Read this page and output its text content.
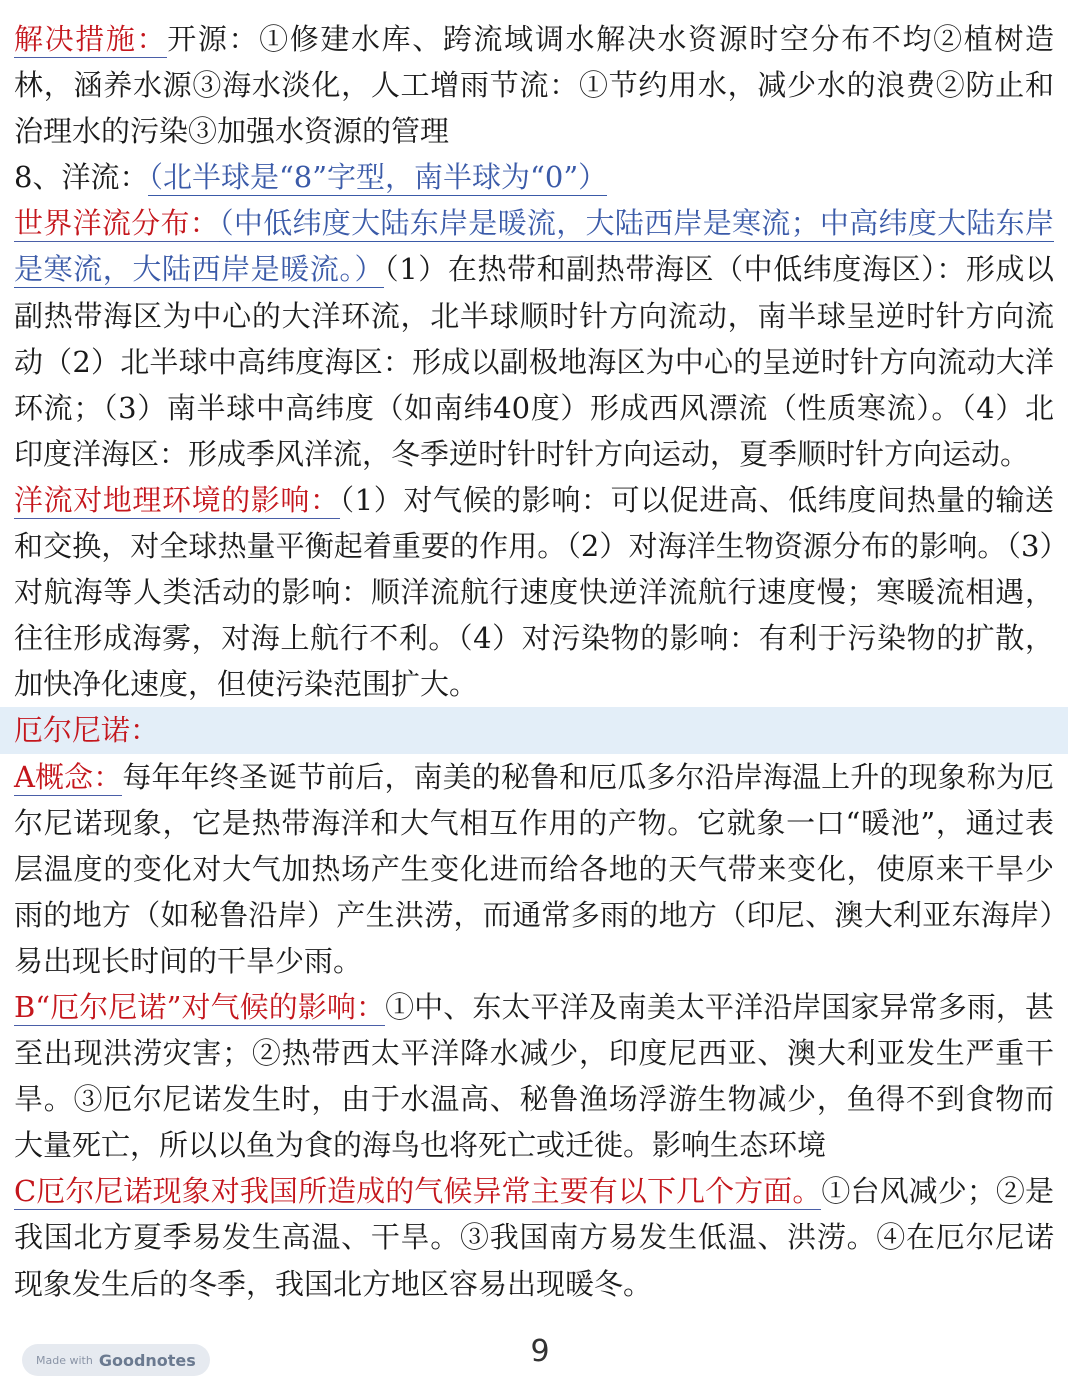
解决措施：开源：①修建水库、跨流域调水解决水资源时空分布不均②植树造林，涵养水源③海水淡化，人工增雨节流：①节约用水，减少水的浪费②防止和治理水的污染③加强水资源的管理

8、洋流：（北半球是“8”字型，南半球为“0”）

世界洋流分布：（中低纬度大陆东岸是暖流，大陆西岸是寒流；中高纬度大陆东岸是寒流，大陆西岸是暖流。）（1）在热带和副热带海区（中低纬度海区）：形成以副热带海区为中心的大洋环流，北半球顺时针方向流动，南半球呈逆时针方向流动（2）北半球中高纬度海区：形成以副极地海区为中心的呈逆时针方向流动大洋环流；（3）南半球中高纬度（如南纬40度）形成西风漂流（性质寒流）。（4）北印度洋海区：形成季风洋流，冬季逆时针时针方向运动，夏季顺时针方向运动。

洋流对地理环境的影响：（1）对气候的影响：可以促进高、低纬度间热量的输送和交换，对全球热量平衡起着重要的作用。（2）对海洋生物资源分布的影响。（3）对航海等人类活动的影响：顺洋流航行速度快逆洋流航行速度慢；寒暖流相遇，往往形成海雾，对海上航行不利。（4）对污染物的影响：有利于污染物的扩散，加快净化速度，但使污染范围扩大。

厄尔尼诺：

A概念：每年年终圣诞节前后，南美的秘鲁和厄瓜多尔沿岸海温上升的现象称为厄尔尼诺现象，它是热带海洋和大气相互作用的产物。它就象一口“暖池”，通过表层温度的变化对大气加热场产生变化进而给各地的天气带来变化，使原来干旱少雨的地方（如秘鲁沿岸）产生洪涝，而通常多雨的地方（印尼、澳大利亚东海岸）易出现长时间的干旱少雨。

B“厄尔尼诺”对气候的影响：①中、东太平洋及南美太平洋沿岸国家异常多雨，甚至出现洪涝灾害；②热带西太平洋降水减少，印度尼西亚、澳大利亚发生严重干旱。③厄尔尼诺发生时，由于水温高、秘鲁渔场浮游生物减少，鱼得不到食物而大量死亡，所以以鱼为食的海鸟也将死亡或迁徙。影响生态环境

C厄尔尼诺现象对我国所造成的气候异常主要有以下几个方面。①台风减少；②是我国北方夏季易发生高温、干旱。③我国南方易发生低温、洪涝。④在厄尔尼诺现象发生后的冬季，我国北方地区容易出现暖冬。

Made with Goodnotes	9
